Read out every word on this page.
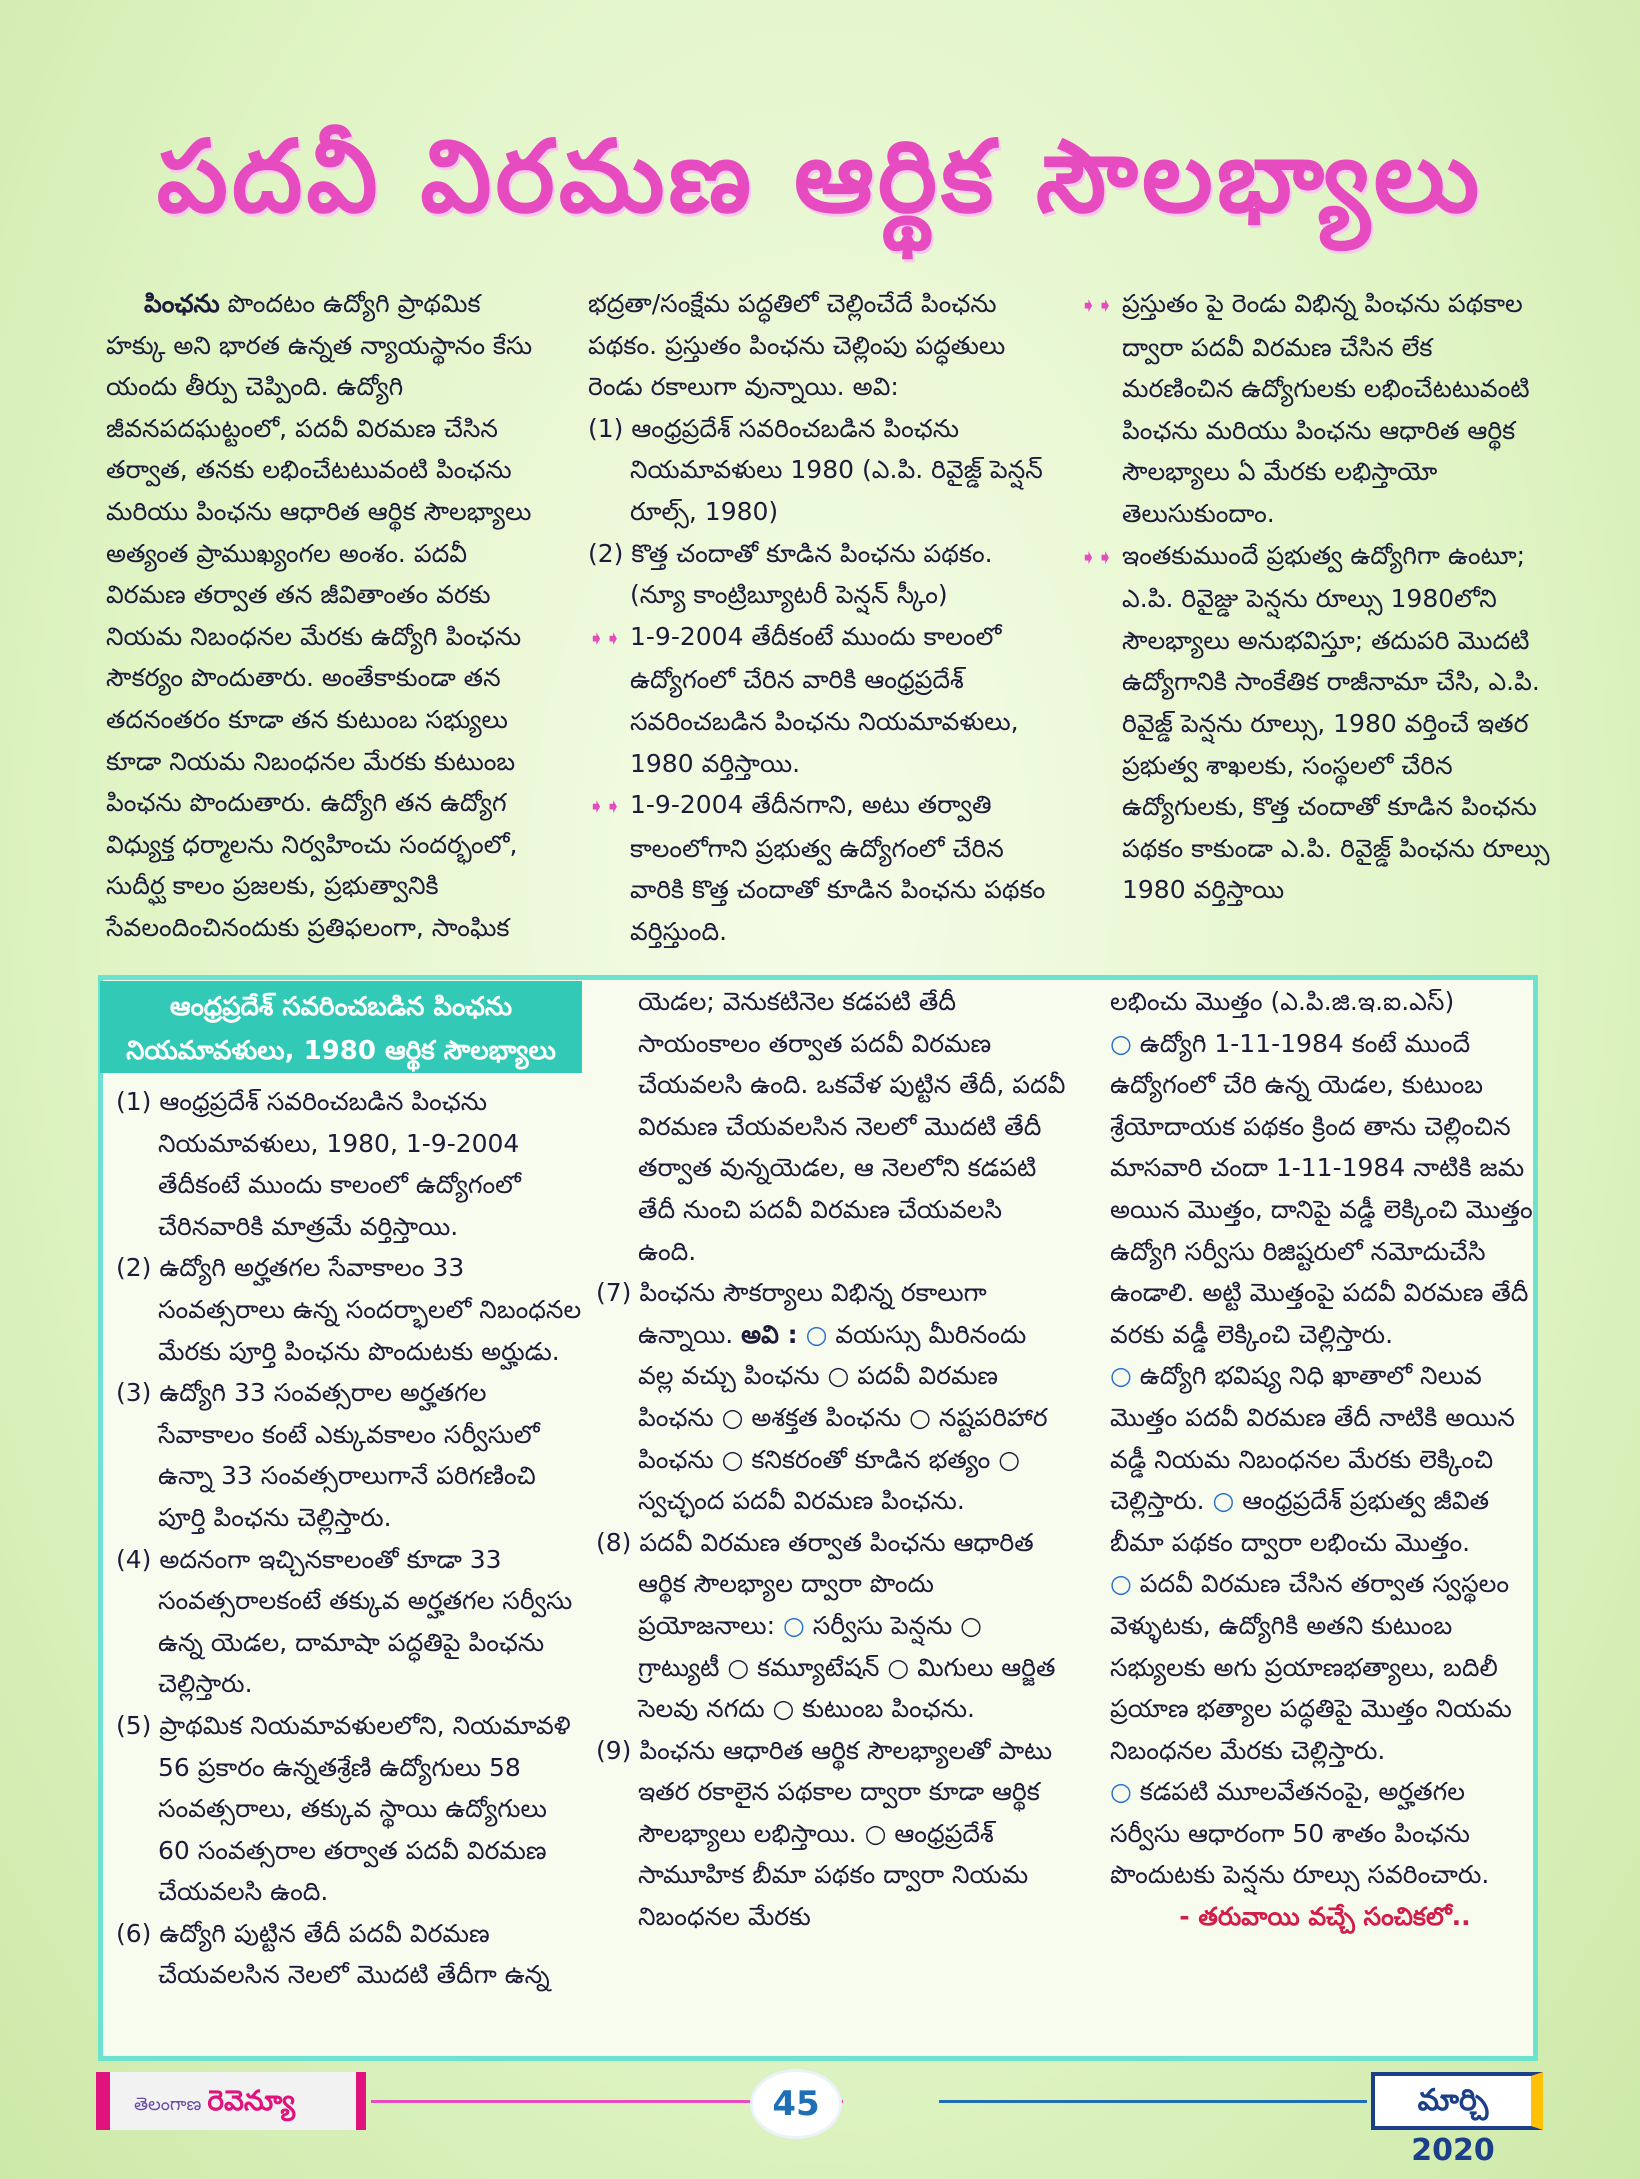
పదవీ విరమణ ఆర్థిక సౌలభ్యాలు

పింఛను పొందటం ఉద్యోగి ప్రాథమిక హక్కు అని భారత ఉన్నత న్యాయస్థానం కేసు యందు తీర్పు చెప్పింది. ఉద్యోగి జీవనపదఘట్టంలో, పదవీ విరమణ చేసిన తర్వాత, తనకు లభించేటటువంటి పింఛను మరియు పింఛను ఆధారిత ఆర్థిక సౌలభ్యాలు అత్యంత ప్రాముఖ్యంగల అంశం. పదవీ విరమణ తర్వాత తన జీవితాంతం వరకు నియమ నిబంధనల మేరకు ఉద్యోగి పింఛను సౌకర్యం పొందుతారు. అంతేకాకుండా తన తదనంతరం కూడా తన కుటుంబ సభ్యులు కూడా నియమ నిబంధనల మేరకు కుటుంబ పింఛను పొందుతారు. ఉద్యోగి తన ఉద్యోగ విధ్యుక్త ధర్మాలను నిర్వహించు సందర్భంలో, సుదీర్ఘ కాలం ప్రజలకు, ప్రభుత్వానికి సేవలందించినందుకు ప్రతిఫలంగా, సాంఘిక

భద్రతా/సంక్షేమ పద్ధతిలో చెల్లించేదే పింఛను పథకం. ప్రస్తుతం పింఛను చెల్లింపు పద్ధతులు రెండు రకాలుగా వున్నాయి. అవి:

(1) ఆంధ్రప్రదేశ్ సవరించబడిన పింఛను నియమావళులు 1980 (ఎ.పి. రివైజ్డ్ పెన్షన్ రూల్స్, 1980)
(2) కొత్త చందాతో కూడిన పింఛను పథకం. (న్యూ కాంట్రిబ్యూటరీ పెన్షన్ స్కీం)
➧➧ 1-9-2004 తేదీకంటే ముందు కాలంలో ఉద్యోగంలో చేరిన వారికి ఆంధ్రప్రదేశ్ సవరించబడిన పింఛను నియమావళులు, 1980 వర్తిస్తాయి.
➧➧ 1-9-2004 తేదీనగాని, అటు తర్వాతి కాలంలోగాని ప్రభుత్వ ఉద్యోగంలో చేరిన వారికి కొత్త చందాతో కూడిన పింఛను పథకం వర్తిస్తుంది.
➧➧ ప్రస్తుతం పై రెండు విభిన్న పింఛను పథకాల ద్వారా పదవీ విరమణ చేసిన లేక మరణించిన ఉద్యోగులకు లభించేటటువంటి పింఛను మరియు పింఛను ఆధారిత ఆర్థిక సౌలభ్యాలు ఏ మేరకు లభిస్తాయో తెలుసుకుందాం.
➧➧ ఇంతకుముందే ప్రభుత్వ ఉద్యోగిగా ఉంటూ; ఎ.పి. రివైజ్డు పెన్షను రూల్సు 1980లోని సౌలభ్యాలు అనుభవిస్తూ; తదుపరి మొదటి ఉద్యోగానికి సాంకేతిక రాజీనామా చేసి, ఎ.పి. రివైజ్డ్ పెన్షను రూల్సు, 1980 వర్తించే ఇతర ప్రభుత్వ శాఖలకు, సంస్థలలో చేరిన ఉద్యోగులకు, కొత్త చందాతో కూడిన పింఛను పథకం కాకుండా ఎ.పి. రివైజ్డ్ పింఛను రూల్సు 1980 వర్తిస్తాయి
ఆంధ్రప్రదేశ్ సవరించబడిన పింఛను
నియమావళులు, 1980 ఆర్థిక సౌలభ్యాలు
(1) ఆంధ్రప్రదేశ్ సవరించబడిన పింఛను నియమావళులు, 1980, 1-9-2004 తేదీకంటే ముందు కాలంలో ఉద్యోగంలో చేరినవారికి మాత్రమే వర్తిస్తాయి.
(2) ఉద్యోగి అర్హతగల సేవాకాలం 33 సంవత్సరాలు ఉన్న సందర్భాలలో నిబంధనల మేరకు పూర్తి పింఛను పొందుటకు అర్హుడు.
(3) ఉద్యోగి 33 సంవత్సరాల అర్హతగల సేవాకాలం కంటే ఎక్కువకాలం సర్వీసులో ఉన్నా 33 సంవత్సరాలుగానే పరిగణించి పూర్తి పింఛను చెల్లిస్తారు.
(4) అదనంగా ఇచ్చినకాలంతో కూడా 33 సంవత్సరాలకంటే తక్కువ అర్హతగల సర్వీసు ఉన్న యెడల, దామాషా పద్ధతిపై పింఛను చెల్లిస్తారు.
(5) ప్రాథమిక నియమావళులలోని, నియమావళి 56 ప్రకారం ఉన్నతశ్రేణి ఉద్యోగులు 58 సంవత్సరాలు, తక్కువ స్థాయి ఉద్యోగులు 60 సంవత్సరాల తర్వాత పదవీ విరమణ చేయవలసి ఉంది.
(6) ఉద్యోగి పుట్టిన తేదీ పదవీ విరమణ చేయవలసిన నెలలో మొదటి తేదీగా ఉన్న

యెడల; వెనుకటినెల కడపటి తేదీ సాయంకాలం తర్వాత పదవీ విరమణ చేయవలసి ఉంది. ఒకవేళ పుట్టిన తేదీ, పదవీ విరమణ చేయవలసిన నెలలో మొదటి తేదీ తర్వాత వున్నయెడల, ఆ నెలలోని కడపటి తేదీ నుంచి పదవీ విరమణ చేయవలసి ఉంది.

(7) పింఛను సౌకర్యాలు విభిన్న రకాలుగా ఉన్నాయి. అవి : ○ వయస్సు మీరినందు వల్ల వచ్చు పింఛను ○ పదవీ విరమణ పింఛను ○ అశక్తత పింఛను ○ నష్టపరిహార పింఛను ○ కనికరంతో కూడిన భత్యం ○ స్వచ్ఛంద పదవీ విరమణ పింఛను.
(8) పదవీ విరమణ తర్వాత పింఛను ఆధారిత ఆర్థిక సౌలభ్యాల ద్వారా పొందు ప్రయోజనాలు: ○ సర్వీసు పెన్షను ○ గ్రాట్యుటీ ○ కమ్యూటేషన్ ○ మిగులు ఆర్జిత సెలవు నగదు ○ కుటుంబ పింఛను.
(9) పింఛను ఆధారిత ఆర్థిక సౌలభ్యాలతో పాటు ఇతర రకాలైన పథకాల ద్వారా కూడా ఆర్థిక సౌలభ్యాలు లభిస్తాయి. ○ ఆంధ్రప్రదేశ్ సామూహిక బీమా పథకం ద్వారా నియమ నిబంధనల మేరకు

లభించు మొత్తం (ఎ.పి.జి.ఇ.ఐ.ఎస్)

○ ఉద్యోగి 1-11-1984 కంటే ముందే ఉద్యోగంలో చేరి ఉన్న యెడల, కుటుంబ శ్రేయోదాయక పథకం క్రింద తాను చెల్లించిన మాసవారి చందా 1-11-1984 నాటికి జమ అయిన మొత్తం, దానిపై వడ్డీ లెక్కించి మొత్తం ఉద్యోగి సర్వీసు రిజిష్టరులో నమోదుచేసి ఉండాలి. అట్టి మొత్తంపై పదవీ విరమణ తేదీ వరకు వడ్డీ లెక్కించి చెల్లిస్తారు.

○ ఉద్యోగి భవిష్య నిధి ఖాతాలో నిలువ మొత్తం పదవీ విరమణ తేదీ నాటికి అయిన వడ్డీ నియమ నిబంధనల మేరకు లెక్కించి చెల్లిస్తారు. ○ ఆంధ్రప్రదేశ్ ప్రభుత్వ జీవిత బీమా పథకం ద్వారా లభించు మొత్తం.

○ పదవీ విరమణ చేసిన తర్వాత స్వస్థలం వెళ్ళుటకు, ఉద్యోగికి అతని కుటుంబ సభ్యులకు అగు ప్రయాణభత్యాలు, బదిలీ ప్రయాణ భత్యాల పద్ధతిపై మొత్తం నియమ నిబంధనల మేరకు చెల్లిస్తారు.

○ కడపటి మూలవేతనంపై, అర్హతగల సర్వీసు ఆధారంగా 50 శాతం పింఛను పొందుటకు పెన్షను రూల్సు సవరించారు.

- తరువాయి వచ్చే సంచికలో..
తెలంగాణ రెవెన్యూ	మార్చి 2020
45
